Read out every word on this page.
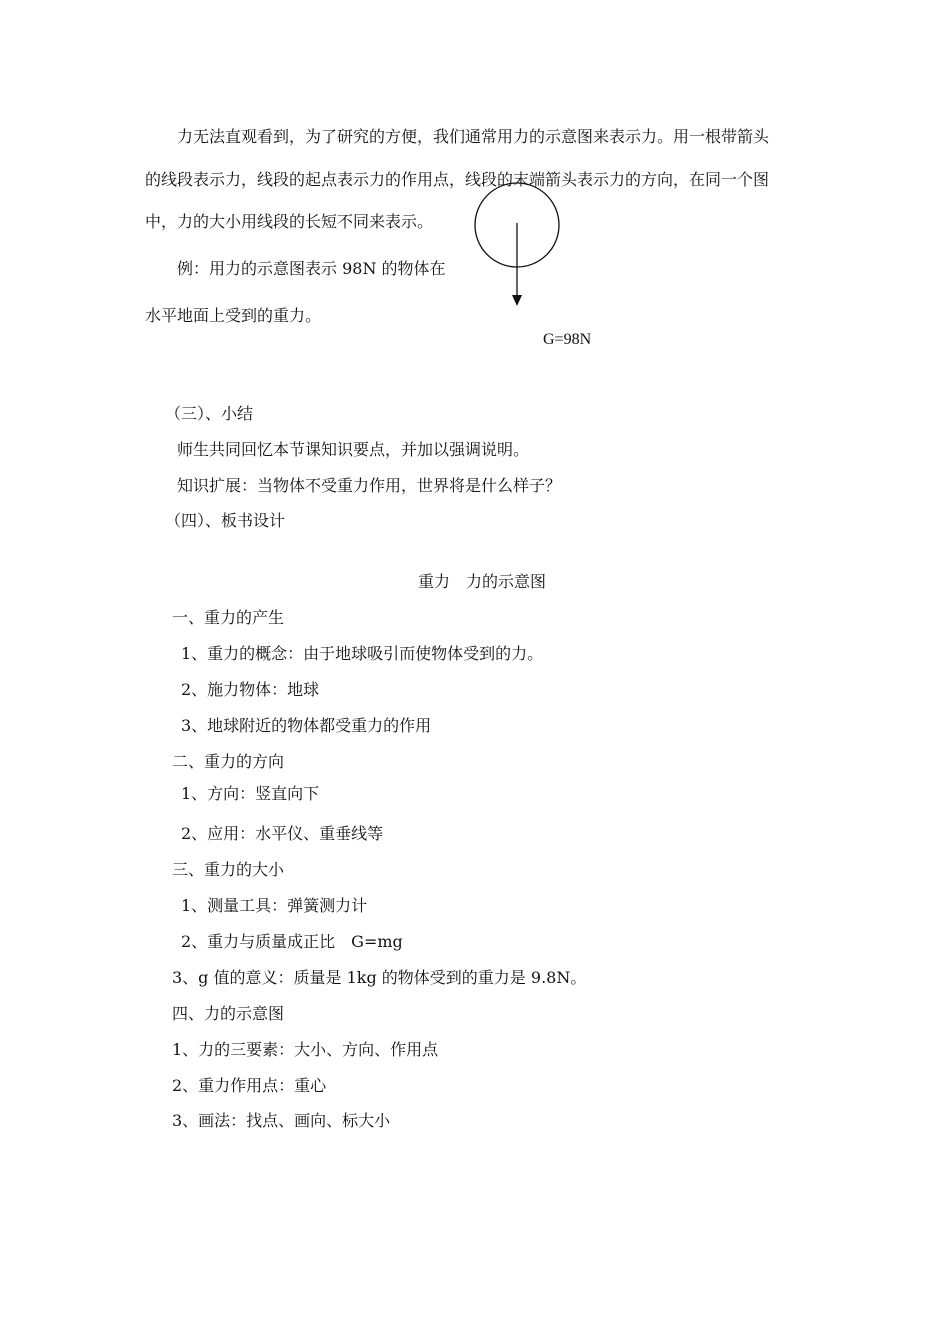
力无法直观看到，为了研究的方便，我们通常用力的示意图来表示力。用一根带箭头
的线段表示力，线段的起点表示力的作用点，线段的末端箭头表示力的方向，在同一个图
中，力的大小用线段的长短不同来表示。
例：用力的示意图表示 98N 的物体在
水平地面上受到的重力。
G=98N
（三）、小结
师生共同回忆本节课知识要点，并加以强调说明。
知识扩展：当物体不受重力作用，世界将是什么样子？
（四）、板书设计
重力　力的示意图
一、重力的产生
1、重力的概念：由于地球吸引而使物体受到的力。
2、施力物体：地球
3、地球附近的物体都受重力的作用
二、重力的方向
1、方向：竖直向下
2、应用：水平仪、重垂线等
三、重力的大小
1、测量工具：弹簧测力计
2、重力与质量成正比　G=mg
3、g 值的意义：质量是 1kg 的物体受到的重力是 9.8N。
四、力的示意图
1、力的三要素：大小、方向、作用点
2、重力作用点：重心
3、画法：找点、画向、标大小
